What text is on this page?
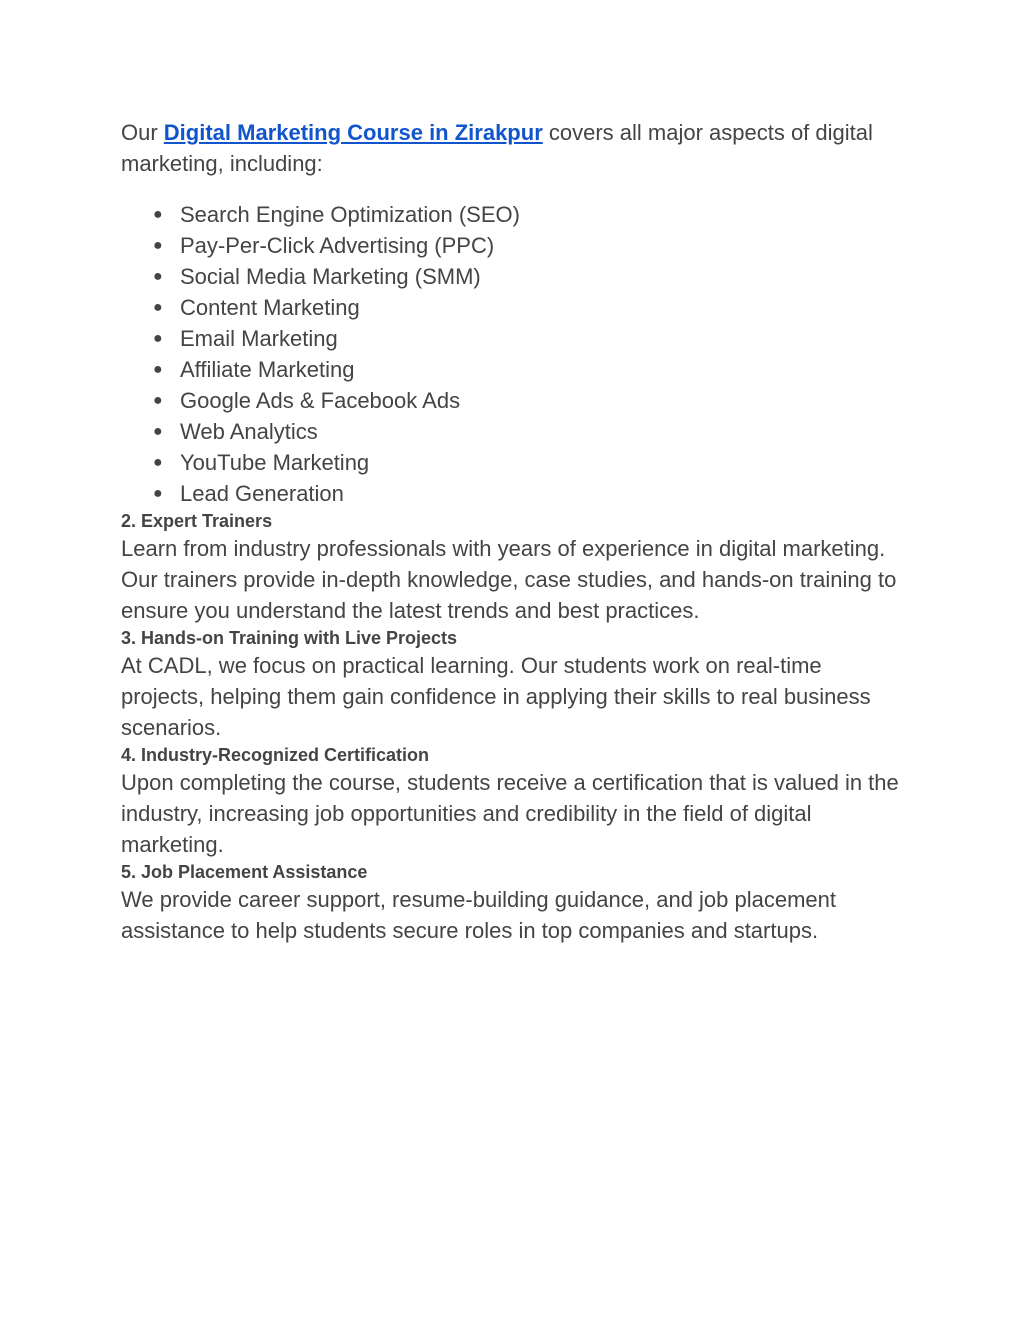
Our Digital Marketing Course in Zirakpur covers all major aspects of digital marketing, including:

● Search Engine Optimization (SEO)
● Pay-Per-Click Advertising (PPC)
● Social Media Marketing (SMM)
● Content Marketing
● Email Marketing
● Affiliate Marketing
● Google Ads & Facebook Ads
● Web Analytics
● YouTube Marketing
● Lead Generation
2. Expert Trainers

Learn from industry professionals with years of experience in digital marketing. Our trainers provide in-depth knowledge, case studies, and hands-on training to ensure you understand the latest trends and best practices.

3. Hands-on Training with Live Projects

At CADL, we focus on practical learning. Our students work on real-time projects, helping them gain confidence in applying their skills to real business scenarios.

4. Industry-Recognized Certification

Upon completing the course, students receive a certification that is valued in the industry, increasing job opportunities and credibility in the field of digital marketing.

5. Job Placement Assistance

We provide career support, resume-building guidance, and job placement assistance to help students secure roles in top companies and startups.
